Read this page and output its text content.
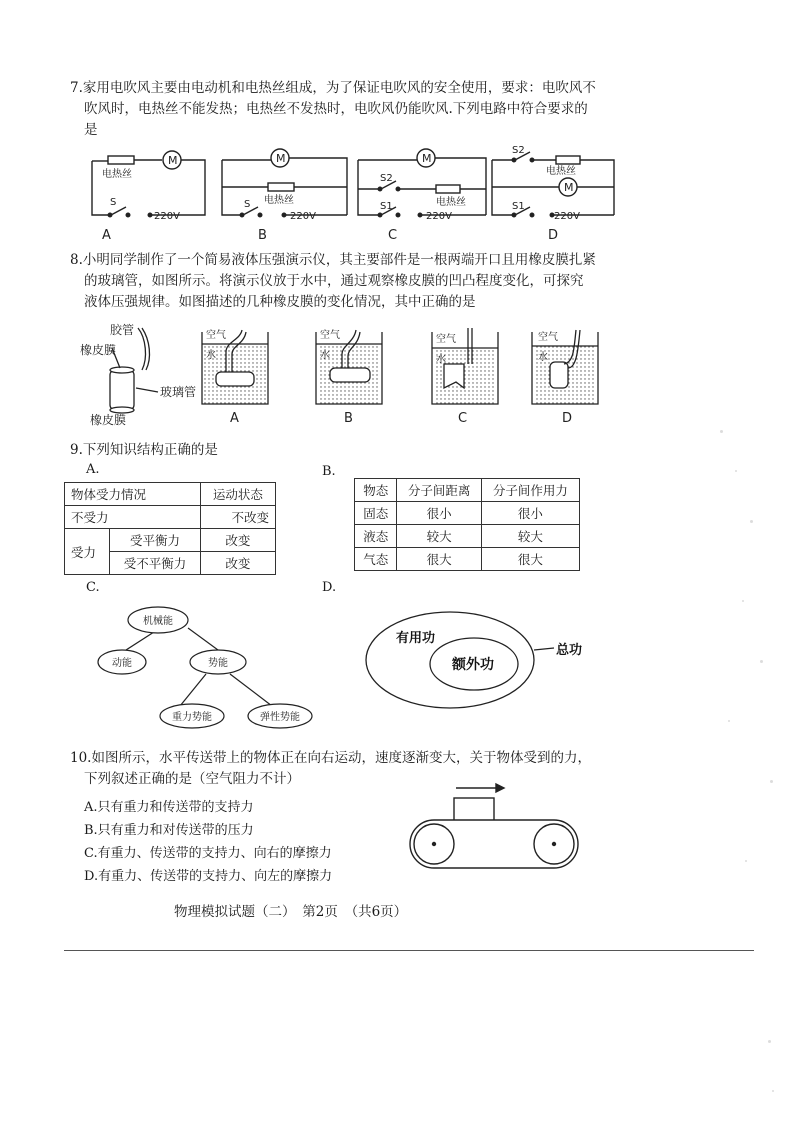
7.家用电吹风主要由电动机和电热丝组成，为了保证电吹风的安全使用，要求：电吹风不
吹风时，电热丝不能发热；电热丝不发热时，电吹风仍能吹风.下列电路中符合要求的
是
M
电热丝
S
220V
M
电热丝
S
220V
M
S2
电热丝
S1
220V
S2
电热丝
M
S1
220V
A	B	C	D
8.小明同学制作了一个简易液体压强演示仪，其主要部件是一根两端开口且用橡皮膜扎紧
的玻璃管，如图所示。将演示仪放于水中，通过观察橡皮膜的凹凸程度变化，可探究
液体压强规律。如图描述的几种橡皮膜的变化情况，其中正确的是
胶管
橡皮膜
玻璃管
橡皮膜
空气
水
空气
水
空气
水
空气
水
A	B	C	D
9.下列知识结构正确的是
A.	B.
物体受力情况		运动状态
不受力		不改变
受力	受平衡力	改变
	受不平衡力	改变
物态	分子间距离	分子间作用力
固态	很小	很小
液态	较大	较大
气态	很大	很大
C.	D.
机械能
动能	势能
重力势能	弹性势能
有用功
额外功
总功
10.如图所示，水平传送带上的物体正在向右运动，速度逐渐变大，关于物体受到的力，
下列叙述正确的是（空气阻力不计）
A.只有重力和传送带的支持力
B.只有重力和对传送带的压力
C.有重力、传送带的支持力、向右的摩擦力
D.有重力、传送带的支持力、向左的摩擦力
物理模拟试题（二）　第2页　（共6页）
